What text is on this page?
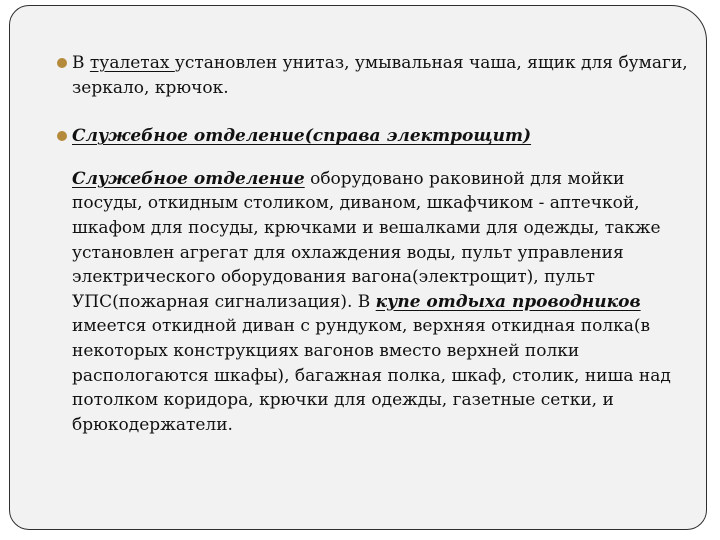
В туалетах установлен унитаз, умывальная чаша, ящик для бумаги, зеркало, крючок.

Служебное отделение(справа электрощит)

Служебное отделение оборудовано раковиной для мойки посуды, откидным столиком, диваном, шкафчиком - аптечкой, шкафом для посуды, крючками и вешалками для одежды, также установлен агрегат для охлаждения воды, пульт управления электрического оборудования вагона(электрощит), пульт УПС(пожарная сигнализация). В купе отдыха проводников имеется откидной диван с рундуком, верхняя откидная полка(в некоторых конструкциях вагонов вместо верхней полки распологаются шкафы), багажная полка, шкаф, столик, ниша над потолком коридора, крючки для одежды, газетные сетки, и брюкодержатели.
